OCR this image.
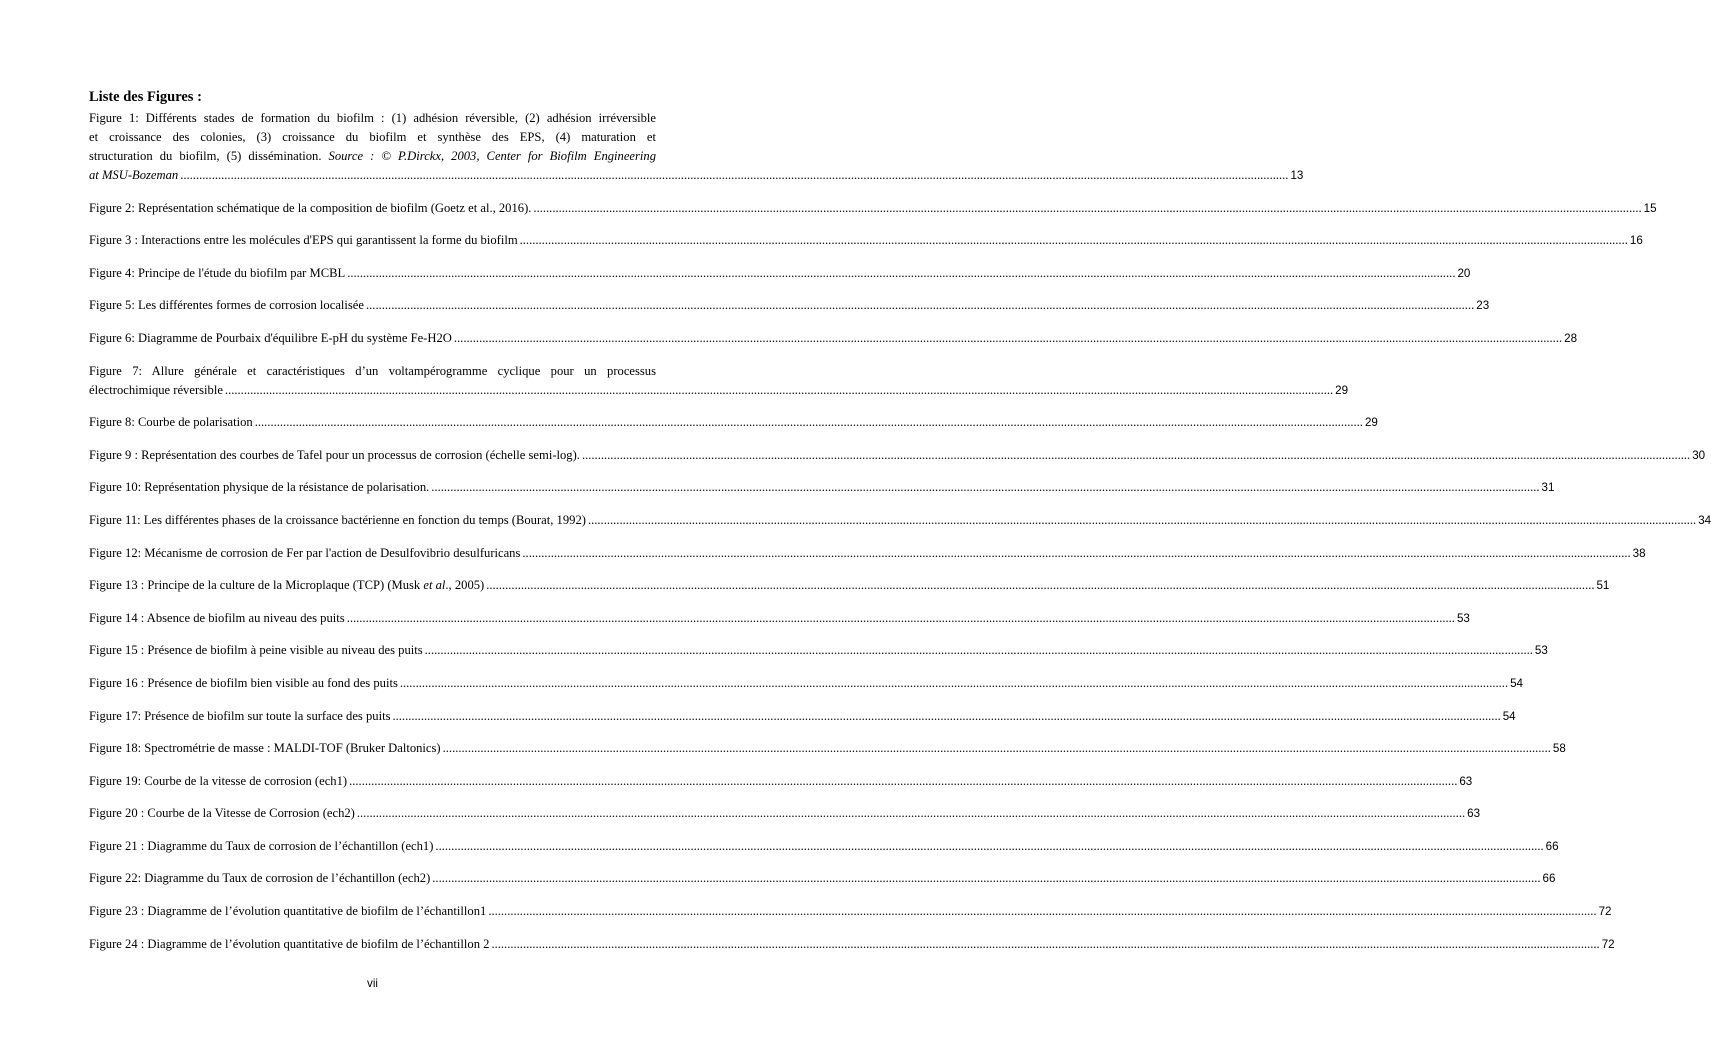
Liste des Figures :
Figure 1: Différents stades de formation du biofilm : (1) adhésion réversible, (2) adhésion irréversible
et croissance des colonies, (3) croissance du biofilm et synthèse des EPS, (4) maturation et
structuration du biofilm, (5) dissémination. Source : © P.Dirckx, 2003, Center for Biofilm Engineering
at MSU-Bozeman .....	13
Figure 2: Représentation schématique de la composition de biofilm (Goetz et al., 2016). .....	15
Figure 3 : Interactions entre les molécules d'EPS qui garantissent la forme du biofilm .....	16
Figure 4: Principe de l'étude du biofilm par MCBL .....	20
Figure 5: Les différentes formes de corrosion localisée .....	23
Figure 6: Diagramme de Pourbaix d'équilibre E-pH du système Fe-H2O .....	28
Figure 7: Allure générale et caractéristiques d’un voltampérogramme cyclique pour un processus
électrochimique réversible .....	29
Figure 8: Courbe de polarisation .....	29
Figure 9 : Représentation des courbes de Tafel pour un processus de corrosion (échelle semi-log). .....	30
Figure 10: Représentation physique de la résistance de polarisation. .....	31
Figure 11: Les différentes phases de la croissance bactérienne en fonction du temps (Bourat, 1992) .....	34
Figure 12: Mécanisme de corrosion de Fer par l'action de Desulfovibrio desulfuricans .....	38
Figure 13 : Principe de la culture de la Microplaque (TCP) (Musk et al., 2005) .....	51
Figure 14 : Absence de biofilm au niveau des puits .....	53
Figure 15 : Présence de biofilm à peine visible au niveau des puits .....	53
Figure 16 : Présence de biofilm bien visible au fond des puits .....	54
Figure 17: Présence de biofilm sur toute la surface des puits .....	54
Figure 18: Spectrométrie de masse : MALDI-TOF (Bruker Daltonics) .....	58
Figure 19: Courbe de la vitesse de corrosion (ech1) .....	63
Figure 20 : Courbe de la Vitesse de Corrosion (ech2) .....	63
Figure 21 : Diagramme du Taux de corrosion de l’échantillon (ech1) .....	66
Figure 22: Diagramme du Taux de corrosion de l’échantillon (ech2) .....	66
Figure 23 : Diagramme de l’évolution quantitative de biofilm de l’échantillon1 .....	72
Figure 24 : Diagramme de l’évolution quantitative de biofilm de l’échantillon 2 .....	72
vii
